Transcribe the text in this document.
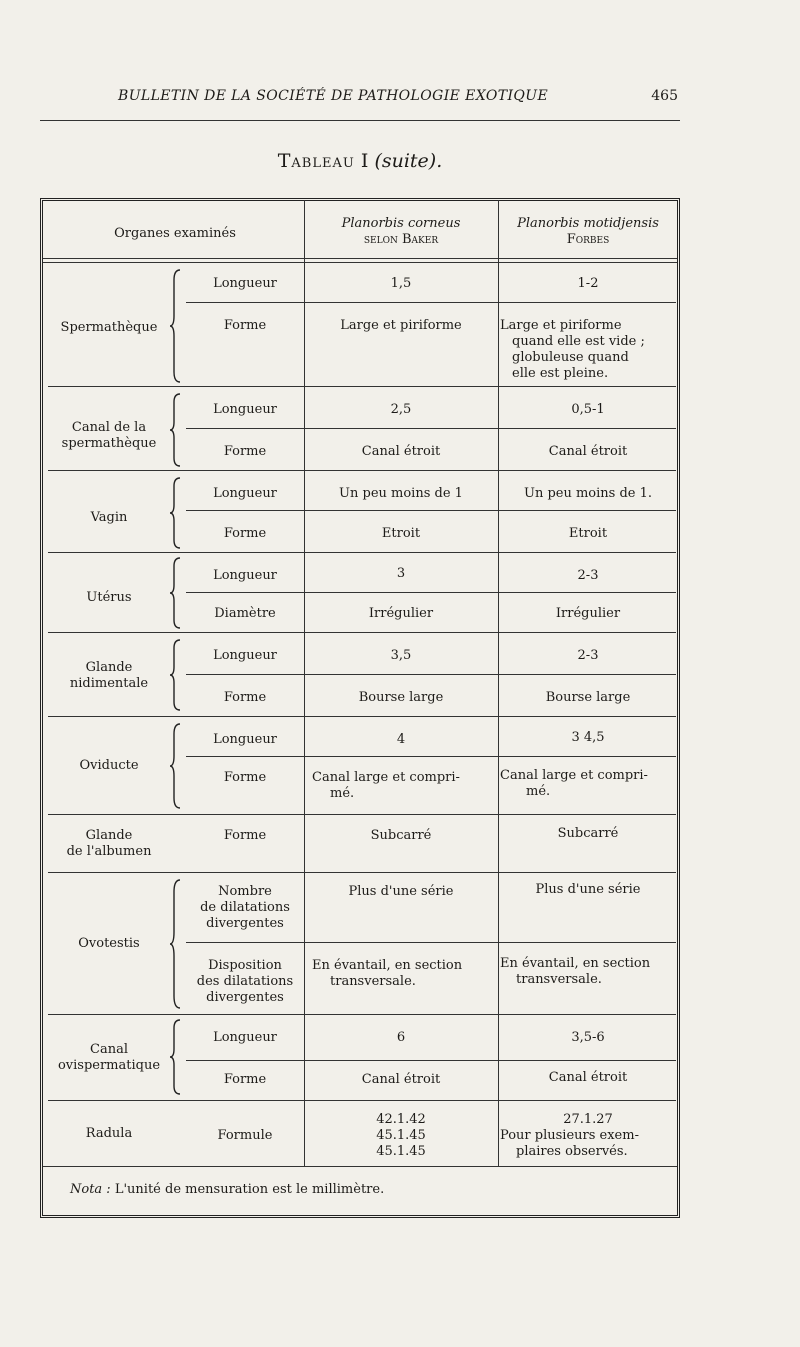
BULLETIN DE LA SOCIÉTÉ DE PATHOLOGIE EXOTIQUE	465
Tableau I (suite).
Organes examinés
Planorbis corneus
selon Baker
Planorbis motidjensis
Forbes
Spermathèque
Canal de la
spermathèque
Vagin
Utérus
Glande
nidimentale
Oviducte
Glande
de l'albumen
Ovotestis
Canal
ovispermatique
Radula
Longueur
Forme
Longueur
Forme
Longueur
Forme
Longueur
Diamètre
Longueur
Forme
Longueur
Forme
Forme
Nombre
de dilatations
divergentes
Disposition
des dilatations
divergentes
Longueur
Forme
Formule
1,5
Large et piriforme
2,5
Canal étroit
Un peu moins de 1
Etroit
3
Irrégulier
3,5
Bourse large
4
Canal large et compri-
mé.
Subcarré
Plus d'une série
En évantail, en section
transversale.
6
Canal étroit
42.1.42
45.1.45
45.1.45
1-2
Large et piriforme
quand elle est vide ;
globuleuse quand
elle est pleine.
0,5-1
Canal étroit
Un peu moins de 1.
Etroit
2-3
Irrégulier
2-3
Bourse large
3 4,5
Canal large et compri-
mé.
Subcarré
Plus d'une série
En évantail, en section
transversale.
3,5-6
Canal étroit
27.1.27
Pour plusieurs exem-
plaires observés.
Nota : L'unité de mensuration est le millimètre.
